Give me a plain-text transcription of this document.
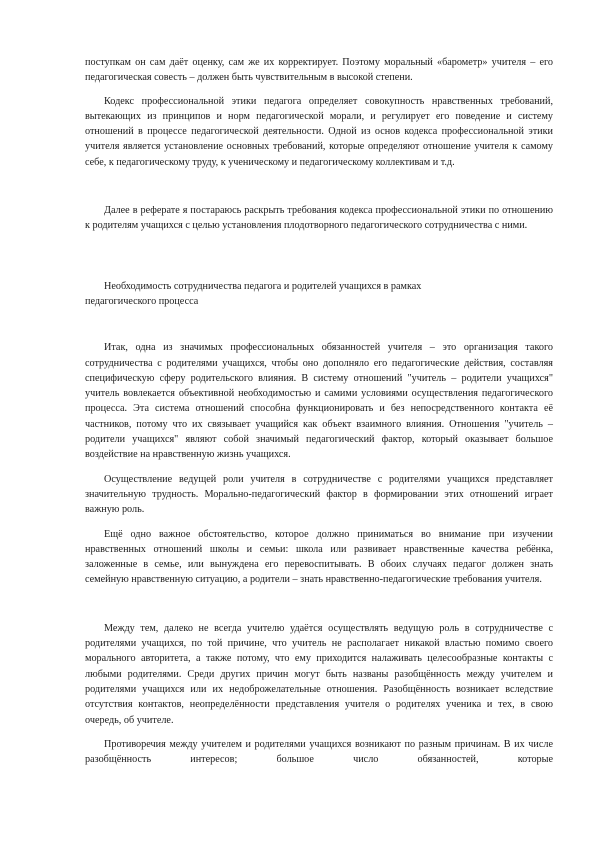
поступкам он сам даёт оценку, сам же их корректирует. Поэтому моральный «барометр» учителя – его педагогическая совесть – должен быть чувствительным в высокой степени.

Кодекс профессиональной этики педагога определяет совокупность нравственных требований, вытекающих из принципов и норм педагогической морали, и регулирует его поведение и систему отношений в процессе педагогической деятельности. Одной из основ кодекса профессиональной этики учителя является установление основных требований, которые определяют отношение учителя к самому себе, к педагогическому труду, к ученическому и педагогическому коллективам и т.д.

Далее в реферате я постараюсь раскрыть требования кодекса профессиональной этики по отношению к родителям учащихся с целью установления плодотворного педагогического сотрудничества с ними.

Необходимость сотрудничества педагога и родителей учащихся в рамках
педагогического процесса

Итак, одна из значимых профессиональных обязанностей учителя – это организация такого сотрудничества с родителями учащихся, чтобы оно дополняло его педагогические действия, составляя специфическую сферу родительского влияния. В систему отношений "учитель – родители учащихся" учитель вовлекается объективной необходимостью и самими условиями осуществления педагогического процесса. Эта система отношений способна функционировать и без непосредственного контакта её частников, потому что их связывает учащийся как объект взаимного влияния. Отношения "учитель – родители учащихся" являют собой значимый педагогический фактор, который оказывает большое воздействие на нравственную жизнь учащихся.

Осуществление ведущей роли учителя в сотрудничестве с родителями учащихся представляет значительную трудность. Морально-педагогический фактор в формировании этих отношений играет важную роль.

Ещё одно важное обстоятельство, которое должно приниматься во внимание при изучении нравственных отношений школы и семьи: школа или развивает нравственные качества ребёнка, заложенные в семье, или вынуждена его перевоспитывать. В обоих случаях педагог должен знать семейную нравственную ситуацию, а родители – знать нравственно-педагогические требования учителя.

Между тем, далеко не всегда учителю удаётся осуществлять ведущую роль в сотрудничестве с родителями учащихся, по той причине, что учитель не располагает никакой властью помимо своего морального авторитета, а также потому, что ему приходится налаживать целесообразные контакты с любыми родителями. Среди других причин могут быть названы разобщённость между учителем и родителями учащихся или их недоброжелательные отношения. Разобщённость возникает вследствие отсутствия контактов, неопределённости представления учителя о родителях ученика и тех, в свою очередь, об учителе.

Противоречия между учителем и родителями учащихся возникают по разным причинам. В их числе разобщённость интересов; большое число обязанностей, которые
